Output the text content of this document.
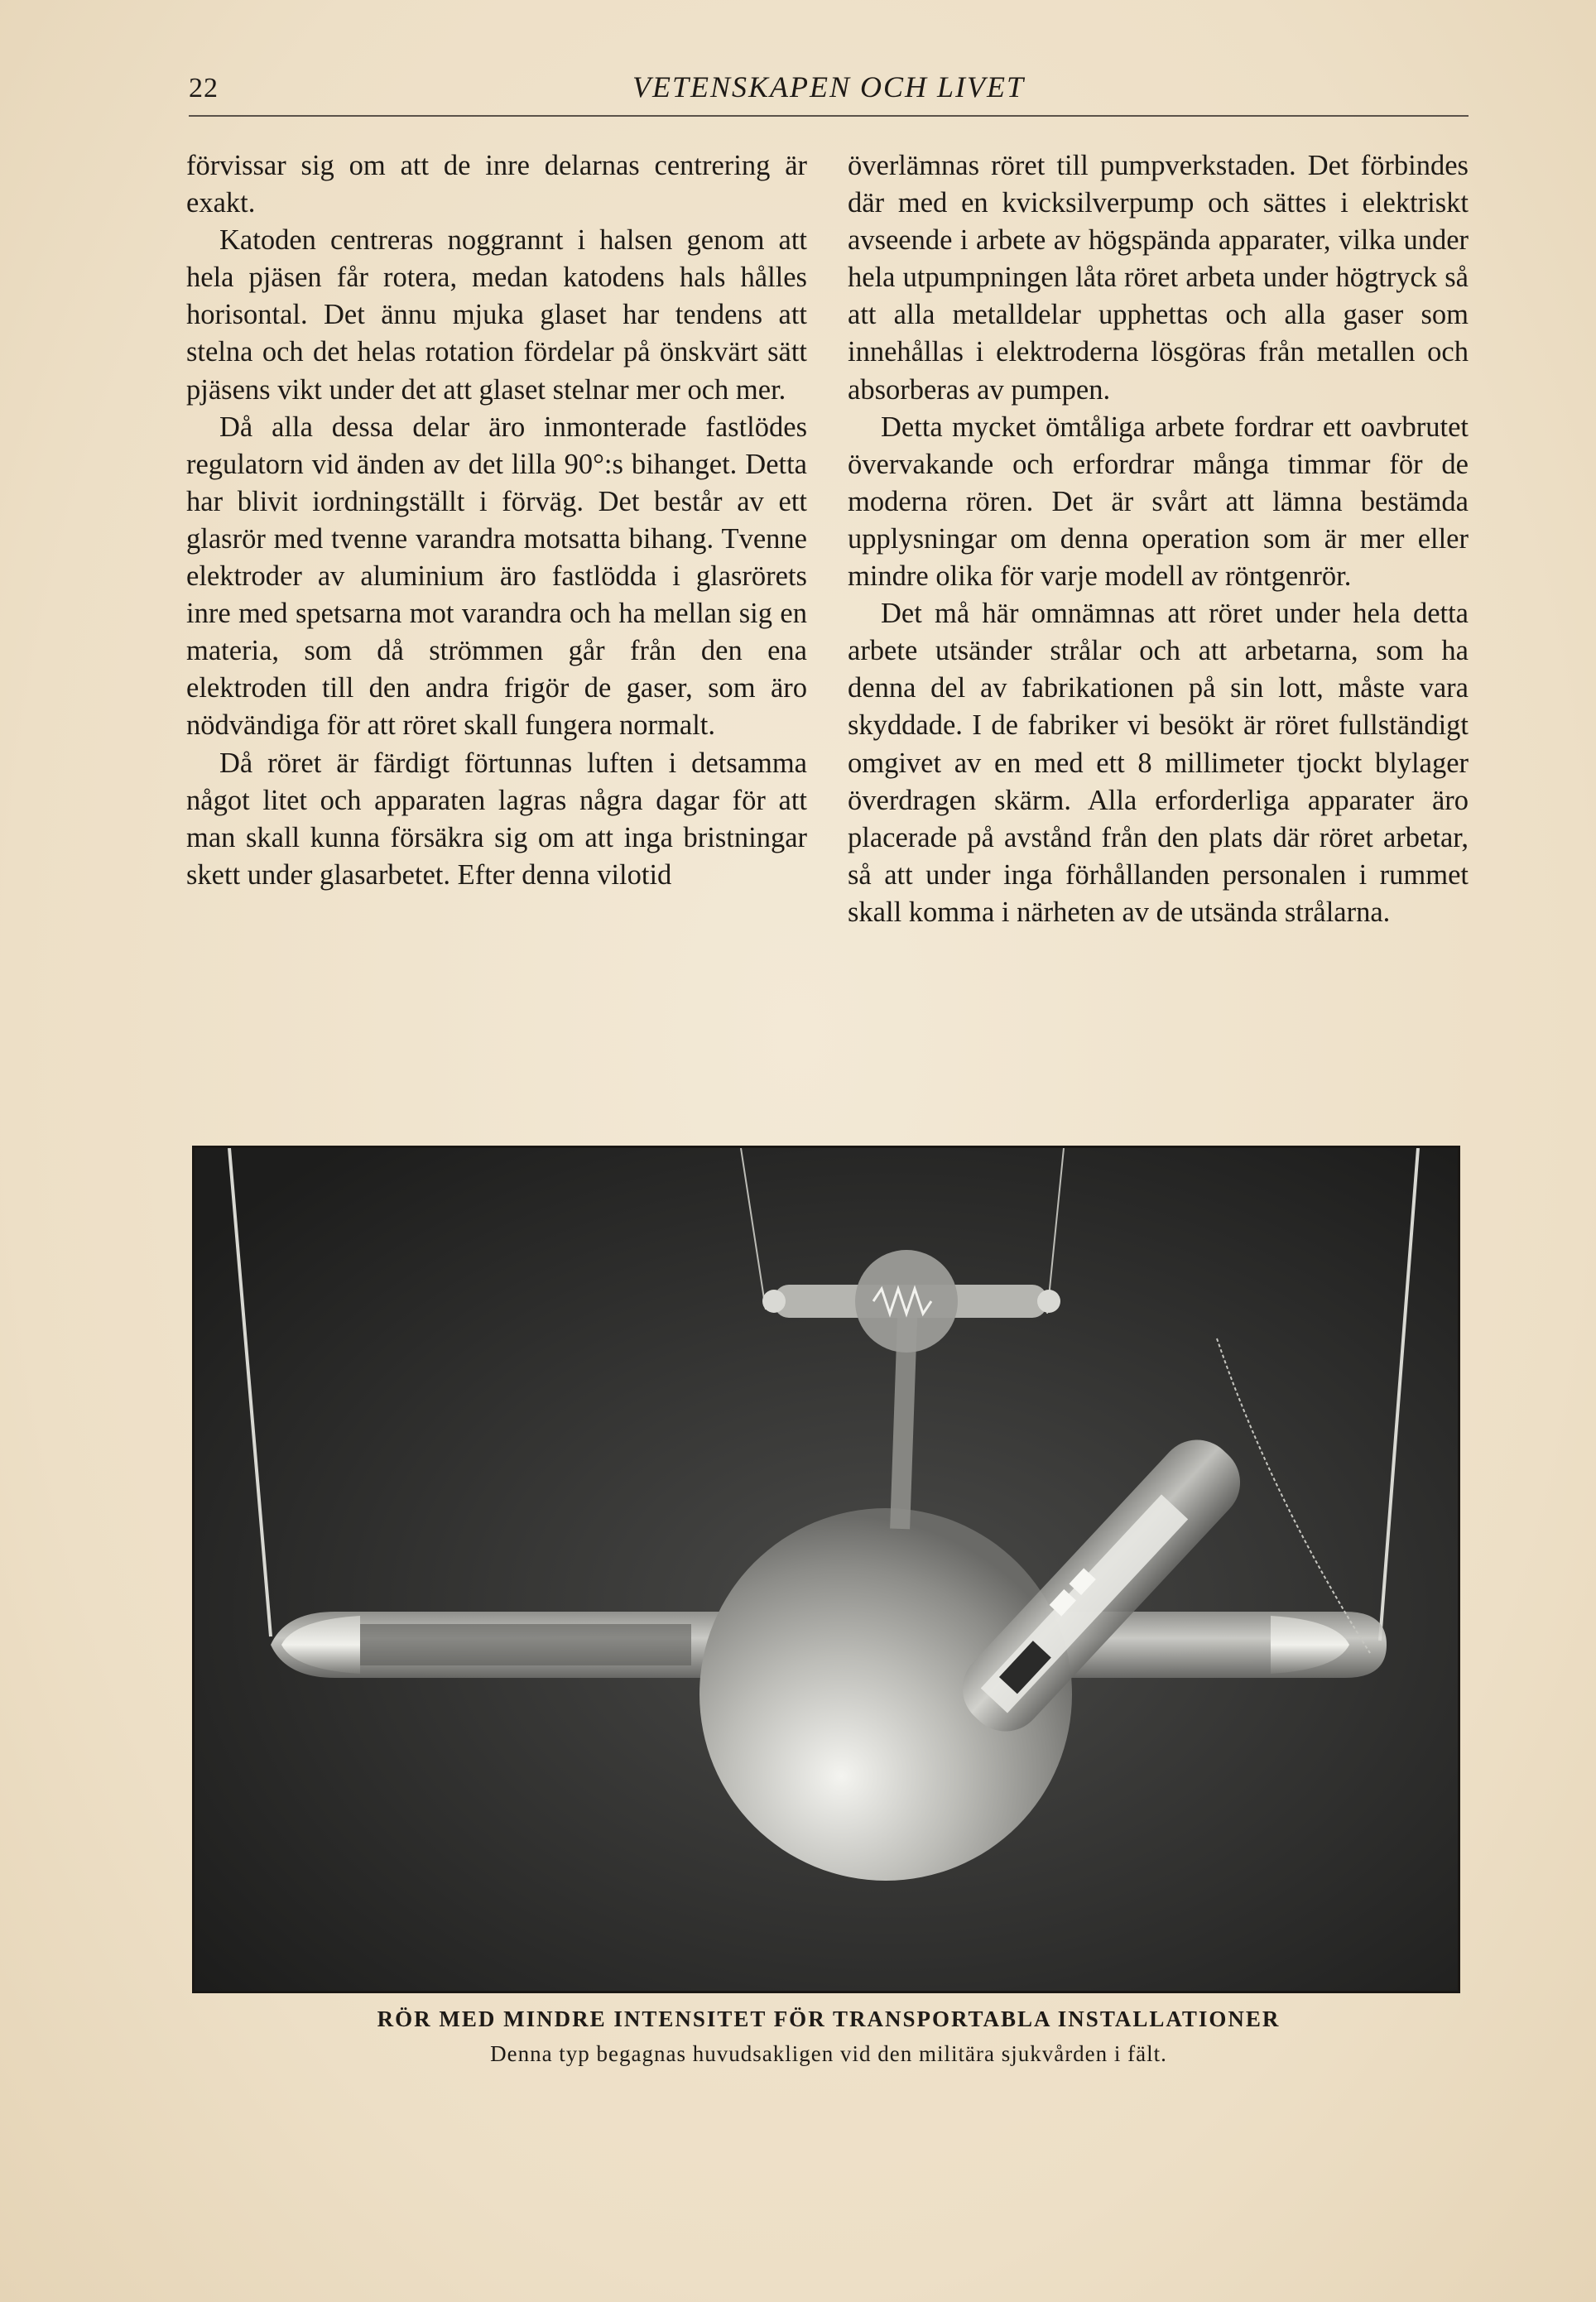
22	VETENSKAPEN OCH LIVET

förvissar sig om att de inre delarnas centrering är exakt.

Katoden centreras noggrannt i halsen genom att hela pjäsen får rotera, medan katodens hals hålles horisontal. Det ännu mjuka glaset har tendens att stelna och det helas rotation fördelar på önskvärt sätt pjäsens vikt under det att glaset stelnar mer och mer.

Då alla dessa delar äro inmonterade fastlödes regulatorn vid änden av det lilla 90°:s bihanget. Detta har blivit iordningställt i förväg. Det består av ett glasrör med tvenne varandra motsatta bihang. Tvenne elektroder av aluminium äro fastlödda i glasrörets inre med spetsarna mot varandra och ha mellan sig en materia, som då strömmen går från den ena elektroden till den andra frigör de gaser, som äro nödvändiga för att röret skall fungera normalt.

Då röret är färdigt förtunnas luften i detsamma något litet och apparaten lagras några dagar för att man skall kunna försäkra sig om att inga bristningar skett under glasarbetet. Efter denna vilotid

överlämnas röret till pumpverkstaden. Det förbindes där med en kvicksilverpump och sättes i elektriskt avseende i arbete av högspända apparater, vilka under hela utpumpningen låta röret arbeta under högtryck så att alla metalldelar upphettas och alla gaser som innehållas i elektroderna lösgöras från metallen och absorberas av pumpen.

Detta mycket ömtåliga arbete fordrar ett oavbrutet övervakande och erfordrar många timmar för de moderna rören. Det är svårt att lämna bestämda upplysningar om denna operation som är mer eller mindre olika för varje modell av röntgenrör.

Det må här omnämnas att röret under hela detta arbete utsänder strålar och att arbetarna, som ha denna del av fabrikationen på sin lott, måste vara skyddade. I de fabriker vi besökt är röret fullständigt omgivet av en med ett 8 millimeter tjockt blylager överdragen skärm. Alla erforderliga apparater äro placerade på avstånd från den plats där röret arbetar, så att under inga förhållanden personalen i rummet skall komma i närheten av de utsända strålarna.

RÖR MED MINDRE INTENSITET FÖR TRANSPORTABLA INSTALLATIONER
Denna typ begagnas huvudsakligen vid den militära sjukvården i fält.
